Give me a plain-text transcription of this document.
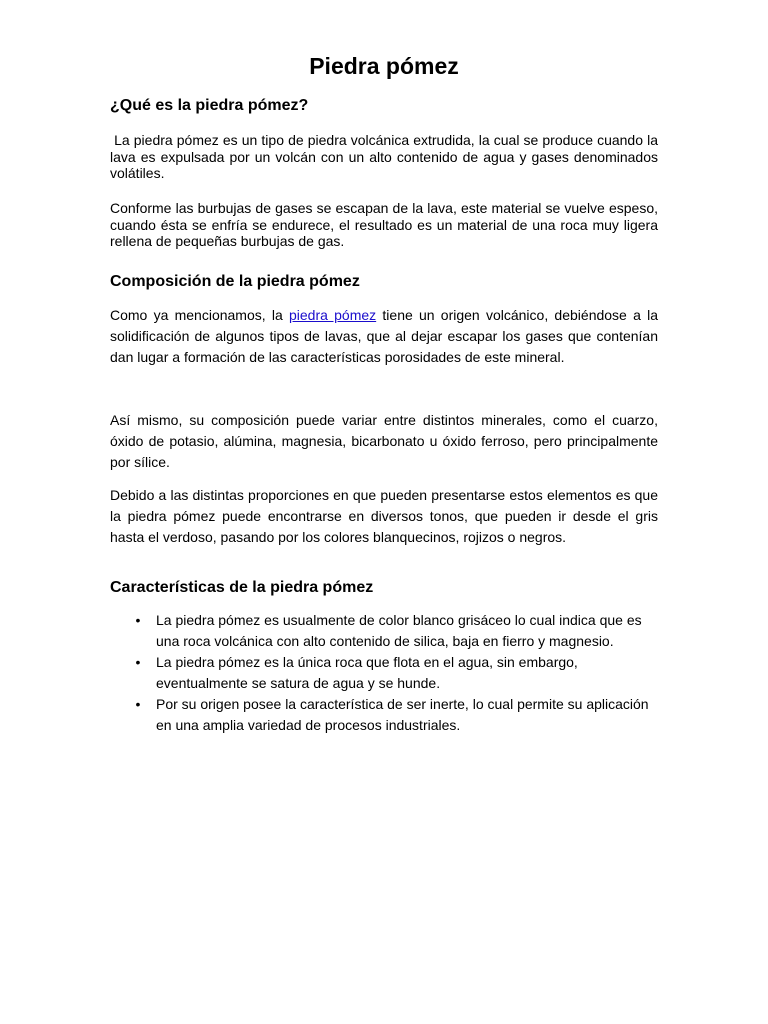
Piedra pómez
¿Qué es la piedra pómez?

La piedra pómez es un tipo de piedra volcánica extrudida, la cual se produce cuando la lava es expulsada por un volcán con un alto contenido de agua y gases denominados volátiles.

Conforme las burbujas de gases se escapan de la lava, este material se vuelve espeso, cuando ésta se enfría se endurece, el resultado es un material de una roca muy ligera rellena de pequeñas burbujas de gas.

Composición de la piedra pómez

Como ya mencionamos, la piedra pómez tiene un origen volcánico, debiéndose a la solidificación de algunos tipos de lavas, que al dejar escapar los gases que contenían dan lugar a formación de las características porosidades de este mineral.

Así mismo, su composición puede variar entre distintos minerales, como el cuarzo, óxido de potasio, alúmina, magnesia, bicarbonato u óxido ferroso, pero principalmente por sílice.

Debido a las distintas proporciones en que pueden presentarse estos elementos es que la piedra pómez puede encontrarse en diversos tonos, que pueden ir desde el gris hasta el verdoso, pasando por los colores blanquecinos, rojizos o negros.

Características de la piedra pómez
• La piedra pómez es usualmente de color blanco grisáceo lo cual indica que es una roca volcánica con alto contenido de silica, baja en fierro y magnesio.
• La piedra pómez es la única roca que flota en el agua, sin embargo, eventualmente se satura de agua y se hunde.
• Por su origen posee la característica de ser inerte, lo cual permite su aplicación en una amplia variedad de procesos industriales.
